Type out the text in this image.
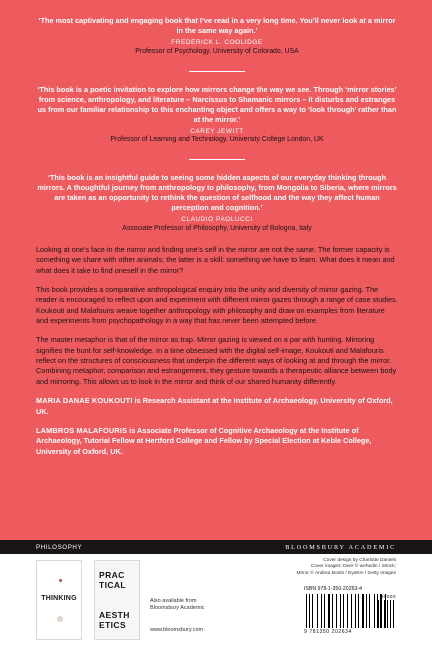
‘The most captivating and engaging book that I’ve read in a very long time. You’ll never look at a mirror in the same way again.’
FREDERICK L. COOLIDGE
Professor of Psychology, University of Colorado, USA
‘This book is a poetic invitation to explore how mirrors change the way we see. Through ‘mirror stories’ from science, anthropology, and literature – Narcissus to Shamanic mirrors – it disturbs and estranges us from our familiar relationship to this enchanting object and offers a way to ‘look through’ rather than at the mirror.’
CAREY JEWITT
Professor of Learning and Technology, University College London, UK
‘This book is an insightful guide to seeing some hidden aspects of our everyday thinking through mirrors. A thoughtful journey from anthropology to philosophy, from Mongolia to Siberia, where mirrors are taken as an opportunity to rethink the question of selfhood and the way they affect human perception and cognition.’
CLAUDIO PAOLUCCI
Associate Professor of Philosophy, University of Bologna, Italy

Looking at one’s face in the mirror and finding one’s self in the mirror are not the same. The former capacity is something we share with other animals; the latter is a skill: something we have to learn. What does it mean and what does it take to find oneself in the mirror?

This book provides a comparative anthropological enquiry into the unity and diversity of mirror gazing. The reader is encouraged to reflect upon and experiment with different mirror gazes through a range of case studies. Koukouti and Malafouris weave together anthropology with philosophy and draw on examples from literature and experiments from psychopathology in a way that has never been attempted before.

The master metaphor is that of the mirror as trap. Mirror gazing is viewed on a par with hunting. Mirroring signifies the hunt for self-knowledge. In a time obsessed with the digital self-image, Koukouti and Malafouris reflect on the structures of consciousness that underpin the different ways of looking at and through the mirror. Combining metaphor, comparison and estrangement, they gesture towards a therapeutic alliance between body and mirroring. This allows us to look in the mirror and think of our shared humanity differently.

MARIA DANAE KOUKOUTI is Research Assistant at the Institute of Archaeology, University of Oxford, UK.

LAMBROS MALAFOURIS is Associate Professor of Cognitive Archaeology at the Institute of Archaeology, Tutorial Fellow at Hertford College and Fellow by Special Election at Keble College, University of Oxford, UK.

PHILOSOPHY	BLOOMSBURY ACADEMIC
THINKING
PRAC
TICAL
AESTH
ETICS
Also available from
Bloomsbury Academic
www.bloomsbury.com
Cover design by Charlotte Daniels
Cover images: Deer © wehedin / iStock;
Mirror © Andrea Bortis / EyeEm / Getty Images
ISBN 978-1-350-20263-4
9 781350 202634
90000
